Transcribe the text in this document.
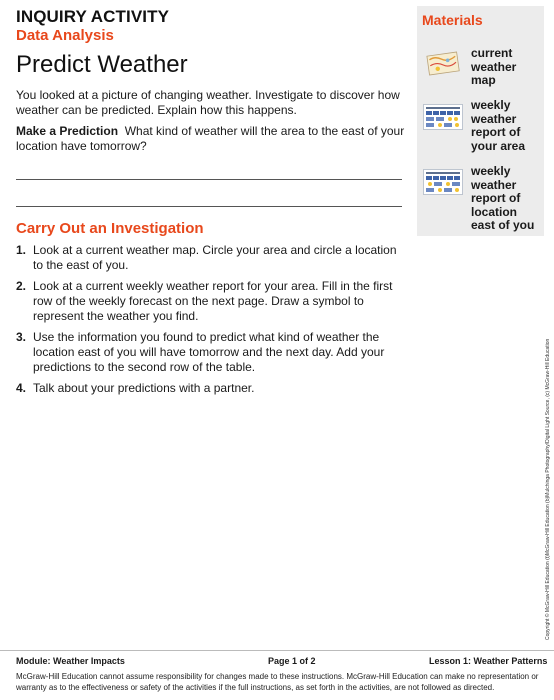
INQUIRY ACTIVITY
Data Analysis
Predict Weather
You looked at a picture of changing weather. Investigate to discover how weather can be predicted. Explain how this happens.
Make a Prediction What kind of weather will the area to the east of your location have tomorrow?
Carry Out an Investigation
1. Look at a current weather map. Circle your area and circle a location to the east of you.
2. Look at a current weekly weather report for your area. Fill in the first row of the weekly forecast on the next page. Draw a symbol to represent the weather you find.
3. Use the information you found to predict what kind of weather the location east of you will have tomorrow and the next day. Add your predictions to the second row of the table.
4. Talk about your predictions with a partner.
Materials
current weather map
weekly weather report of your area
weekly weather report of location east of you
Copyright © McGraw-Hill Education (t)McGraw-Hill Education (b)Mulchinga Photography/Digital Light Source, (c) McGraw-Hill Education
Module: Weather Impacts	Page 1 of 2	Lesson 1: Weather Patterns
McGraw-Hill Education cannot assume responsibility for changes made to these instructions. McGraw-Hill Education can make no representation or warranty as to the effectiveness or safety of the activities if the full instructions, as set forth in the activities, are not followed as directed.
